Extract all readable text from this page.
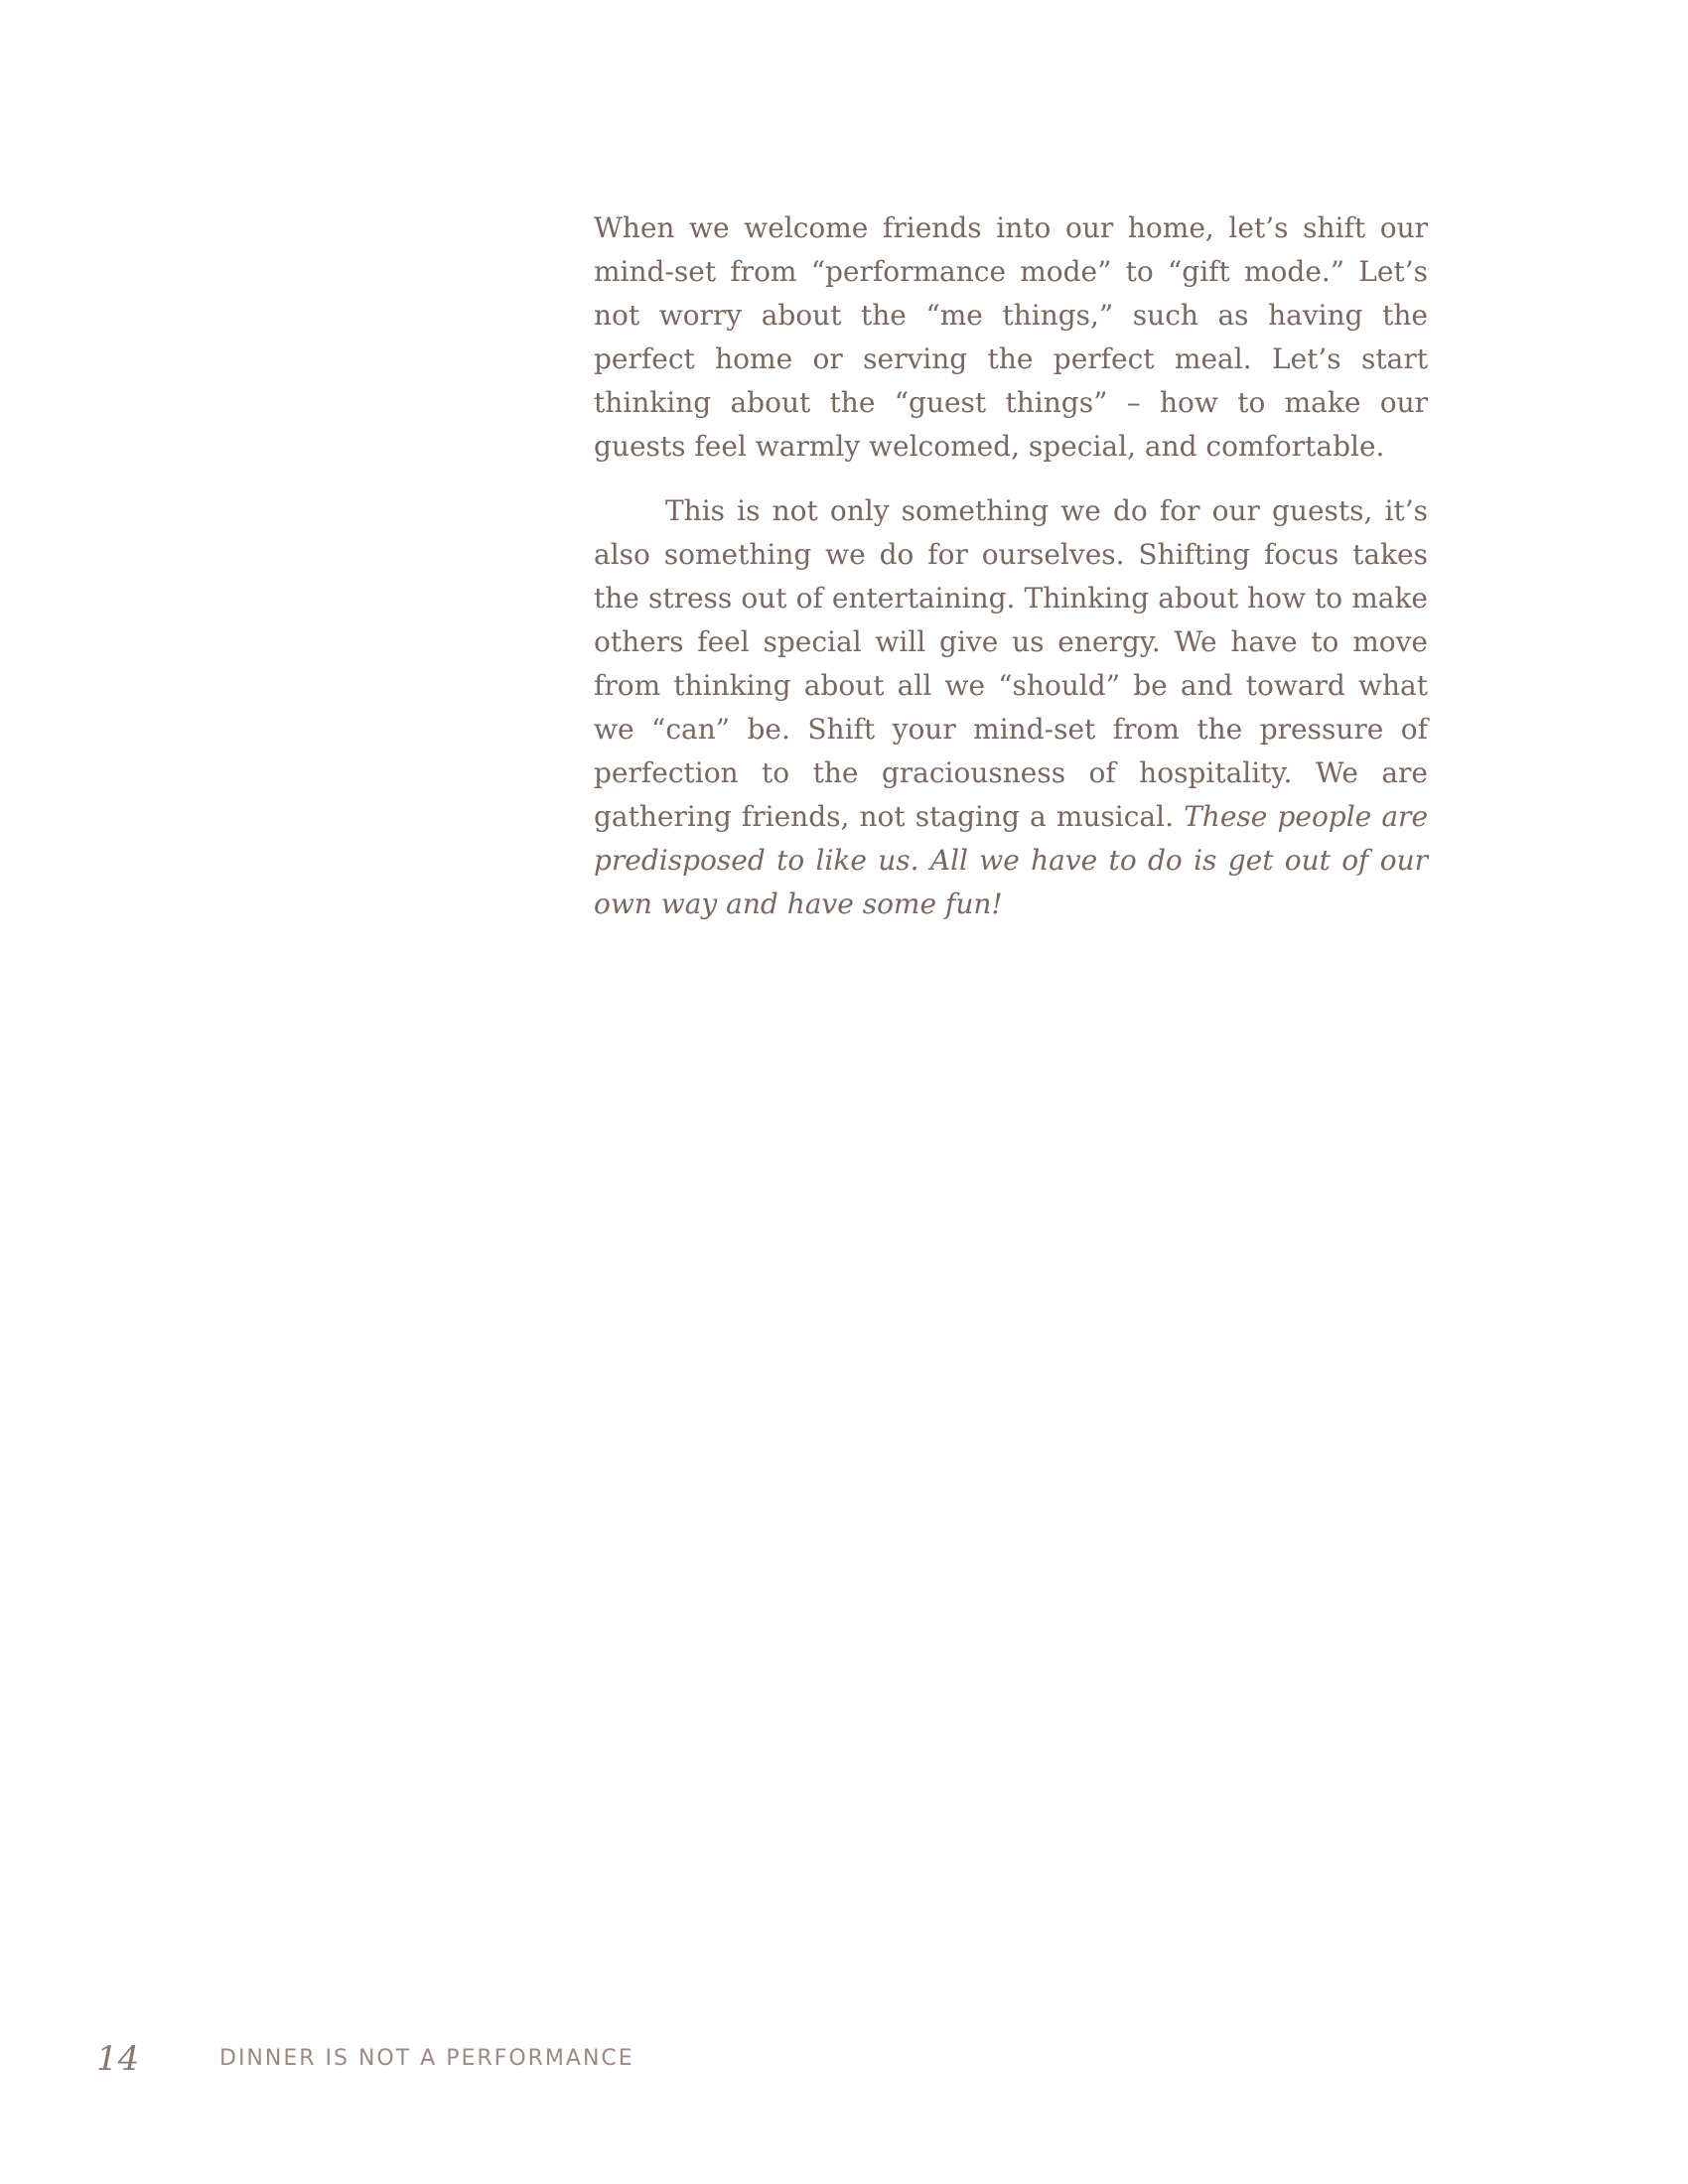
When we welcome friends into our home, let’s shift our mind-set from “performance mode” to “gift mode.” Let’s not worry about the “me things,” such as having the perfect home or serving the perfect meal. Let’s start thinking about the “guest things” – how to make our guests feel warmly welcomed, special, and comfortable.

This is not only something we do for our guests, it’s also something we do for ourselves. Shifting focus takes the stress out of entertaining. Thinking about how to make others feel special will give us energy. We have to move from thinking about all we “should” be and toward what we “can” be. Shift your mind-set from the pressure of perfection to the graciousness of hospitality. We are gathering friends, not staging a musical. These people are predisposed to like us. All we have to do is get out of our own way and have some fun!

14	DINNER IS NOT A PERFORMANCE
